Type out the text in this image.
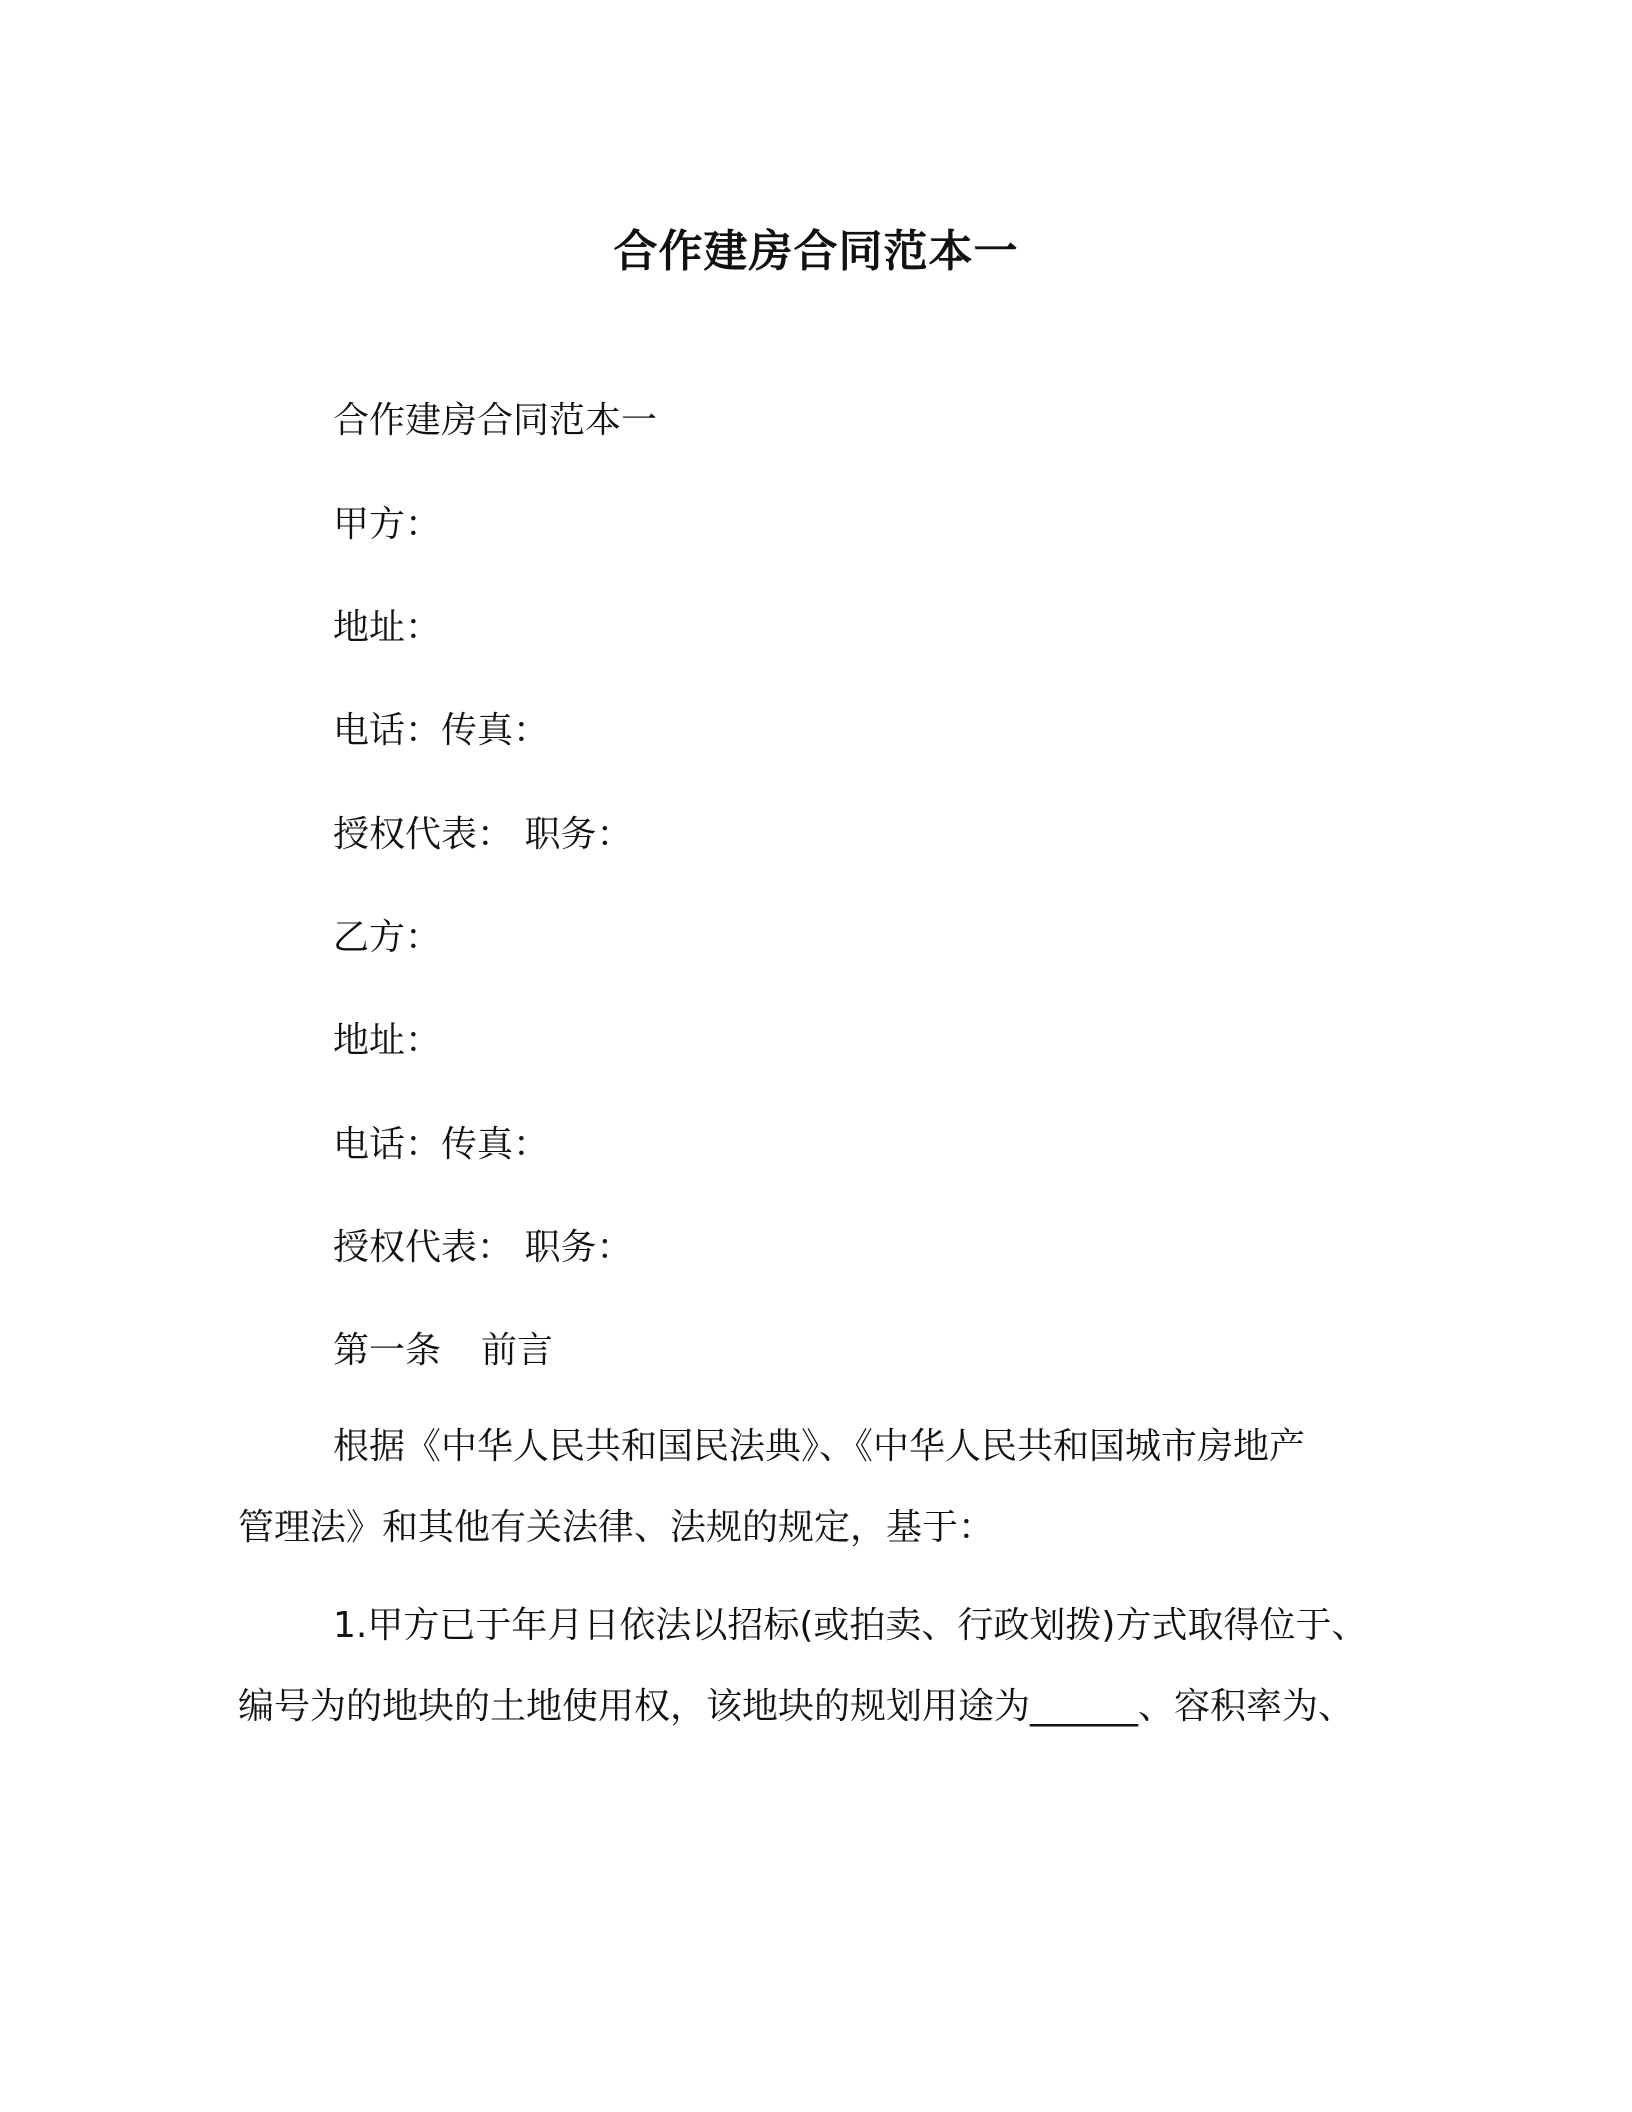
合作建房合同范本一
合作建房合同范本一
甲方：
地址：
电话：传真：
授权代表： 职务：
乙方：
地址：
电话：传真：
授权代表： 职务：
第一条 前言
根据《中华人民共和国民法典》、《中华人民共和国城市房地产
管理法》和其他有关法律、法规的规定，基于：
1.甲方已于年月日依法以招标(或拍卖、行政划拨)方式取得位于、
编号为的地块的土地使用权，该地块的规划用途为______、容积率为、
